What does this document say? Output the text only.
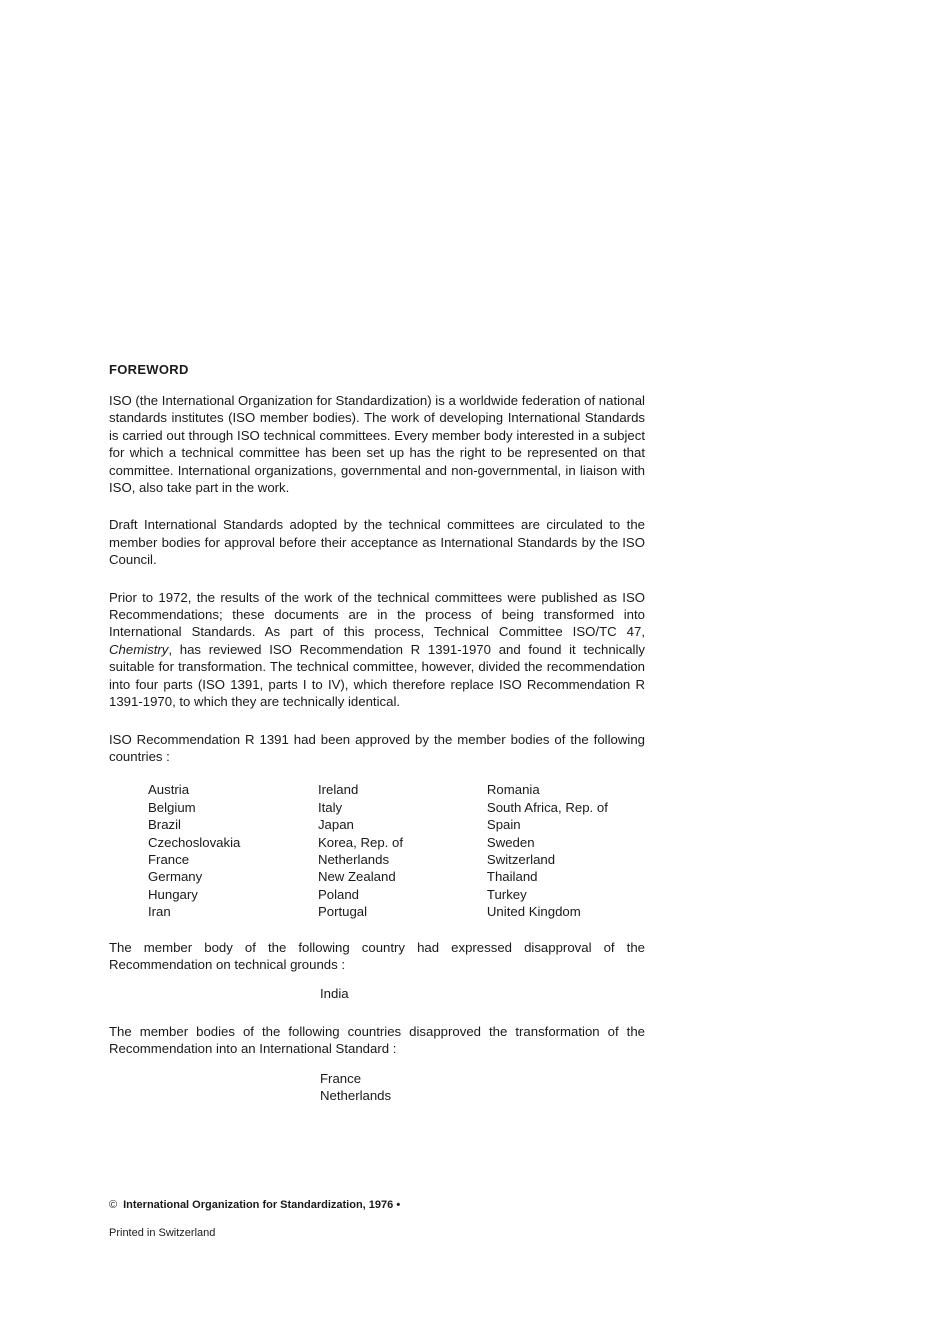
FOREWORD

ISO (the International Organization for Standardization) is a worldwide federation of national standards institutes (ISO member bodies). The work of developing International Standards is carried out through ISO technical committees. Every member body interested in a subject for which a technical committee has been set up has the right to be represented on that committee. International organizations, governmental and non-governmental, in liaison with ISO, also take part in the work.

Draft International Standards adopted by the technical committees are circulated to the member bodies for approval before their acceptance as International Standards by the ISO Council.

Prior to 1972, the results of the work of the technical committees were published as ISO Recommendations; these documents are in the process of being transformed into International Standards. As part of this process, Technical Committee ISO/TC 47, Chemistry, has reviewed ISO Recommendation R 1391-1970 and found it technically suitable for transformation. The technical committee, however, divided the recommendation into four parts (ISO 1391, parts I to IV), which therefore replace ISO Recommendation R 1391-1970, to which they are technically identical.

ISO Recommendation R 1391 had been approved by the member bodies of the following countries :

Austria
Belgium
Brazil
Czechoslovakia
France
Germany
Hungary
Iran
Ireland
Italy
Japan
Korea, Rep. of
Netherlands
New Zealand
Poland
Portugal
Romania
South Africa, Rep. of
Spain
Sweden
Switzerland
Thailand
Turkey
United Kingdom

The member body of the following country had expressed disapproval of the Recommendation on technical grounds :

India

The member bodies of the following countries disapproved the transformation of the Recommendation into an International Standard :

France
Netherlands

© International Organization for Standardization, 1976 •

Printed in Switzerland
